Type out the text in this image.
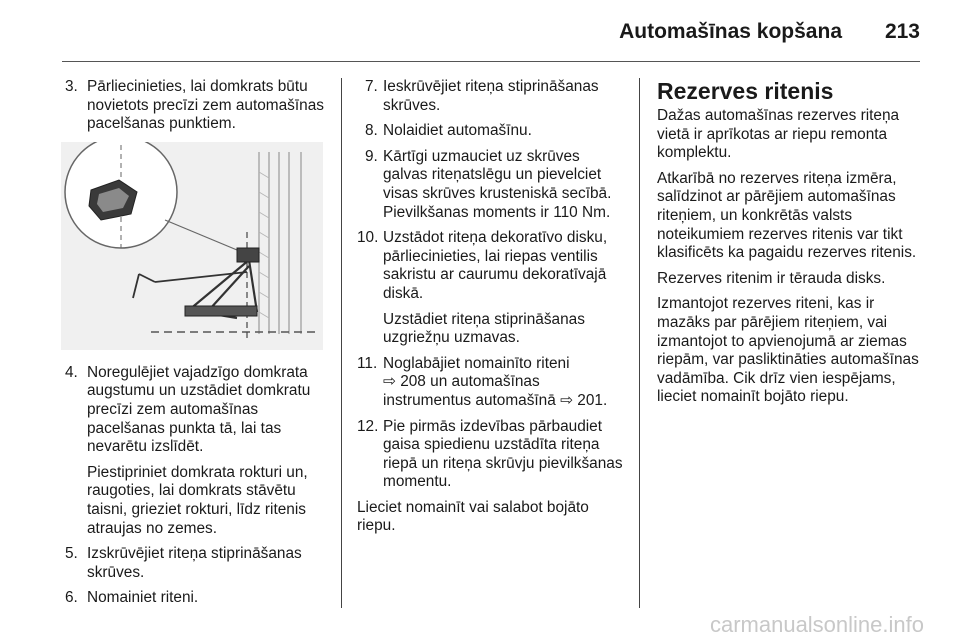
Automašīnas kopšana 213
3. Pārliecinieties, lai domkrats būtu novietots precīzi zem automašīnas pacelšanas punktiem.
4. Noregulējiet vajadzīgo domkrata augstumu un uzstādiet domkratu precīzi zem automašīnas pacelšanas punkta tā, lai tas nevarētu izslīdēt.
Piestipriniet domkrata rokturi un, raugoties, lai domkrats stāvētu taisni, grieziet rokturi, līdz ritenis atraujas no zemes.
5. Izskrūvējiet riteņa stiprināšanas skrūves.
6. Nomainiet riteni.
7. Ieskrūvējiet riteņa stiprināšanas skrūves.
8. Nolaidiet automašīnu.
9. Kārtīgi uzmauciet uz skrūves galvas riteņatslēgu un pievelciet visas skrūves krusteniskā secībā. Pievilkšanas moments ir 110 Nm.
10. Uzstādot riteņa dekoratīvo disku, pārliecinieties, lai riepas ventilis sakristu ar caurumu dekoratīvajā diskā.
Uzstādiet riteņa stiprināšanas uzgriežņu uzmavas.
11. Noglabājiet nomainīto riteni
⇨ 208 un automašīnas
instrumentus automašīnā ⇨ 201.
12. Pie pirmās izdevības pārbaudiet gaisa spiedienu uzstādīta riteņa riepā un riteņa skrūvju pievilkšanas momentu.
Lieciet nomainīt vai salabot bojāto riepu.
Rezerves ritenis
Dažas automašīnas rezerves riteņa vietā ir aprīkotas ar riepu remonta komplektu.
Atkarībā no rezerves riteņa izmēra, salīdzinot ar pārējiem automašīnas riteņiem, un konkrētās valsts noteikumiem rezerves ritenis var tikt klasificēts ka pagaidu rezerves ritenis.
Rezerves ritenim ir tērauda disks.
Izmantojot rezerves riteni, kas ir mazāks par pārējiem riteņiem, vai izmantojot to apvienojumā ar ziemas riepām, var pasliktināties automašīnas vadāmība. Cik drīz vien iespējams, lieciet nomainīt bojāto riepu.
carmanualsonline.info
